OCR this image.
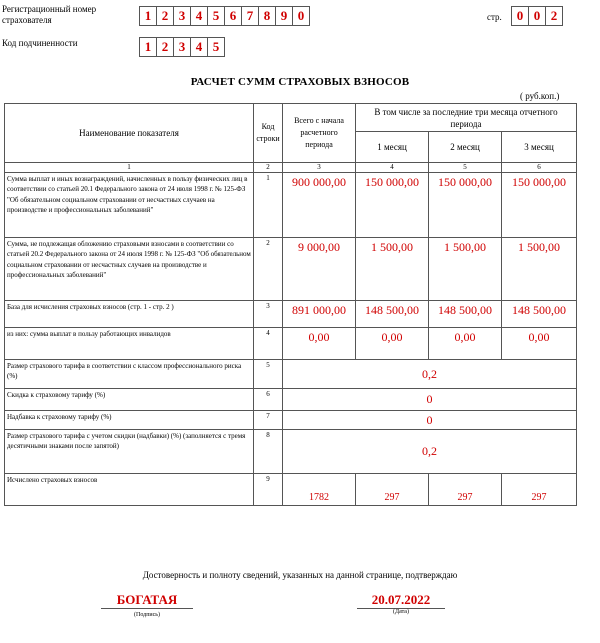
Регистрационный номер страхователя	1 2 3 4 5 6 7 8 9 0	стр.	0 0 2
Код подчиненности	1 2 3 4 5
РАСЧЕТ СУММ СТРАХОВЫХ ВЗНОСОВ
( руб.коп.)
Наименование показателя	Код строки	Всего с начала расчетного периода	В том числе за последние три месяца отчетного периода		
			1 месяц	2 месяц	3 месяц
1	2	3	4	5	6
Сумма выплат и иных вознаграждений, начисленных в пользу физических лиц в соответствии со статьей 20.1 Федерального закона от 24 июля 1998 г. № 125-ФЗ "Об обязательном социальном страховании от несчастных случаев на производстве и профессиональных заболеваний"	1	900 000,00	150 000,00	150 000,00	150 000,00
Сумма, не подлежащая обложению страховыми взносами в соответствии со статьей 20.2 Федерального закона от 24 июля 1998 г. № 125-ФЗ "Об обязательном социальном страховании от несчастных случаев на производстве и профессиональных заболеваний"	2	9 000,00	1 500,00	1 500,00	1 500,00
База для исчисления страховых взносов (стр. 1 - стр. 2 )	3	891 000,00	148 500,00	148 500,00	148 500,00
из них: сумма выплат в пользу работающих инвалидов	4	0,00	0,00	0,00	0,00
Размер страхового тарифа в соответствии с классом профессионального риска (%)	5	0,2			
Скидка к страховому тарифу (%)	6	0			
Надбавка к страховому тарифу (%)	7	0			
Размер страхового тарифа с учетом скидки (надбавки) (%) (заполняется с тремя десятичными знаками после запятой)	8	0,2			
Исчислено страховых взносов	9	1782	297	297	297
Достоверность и полноту сведений, указанных на данной странице, подтверждаю
БОГАТАЯ
(Подпись)
20.07.2022
(Дата)
